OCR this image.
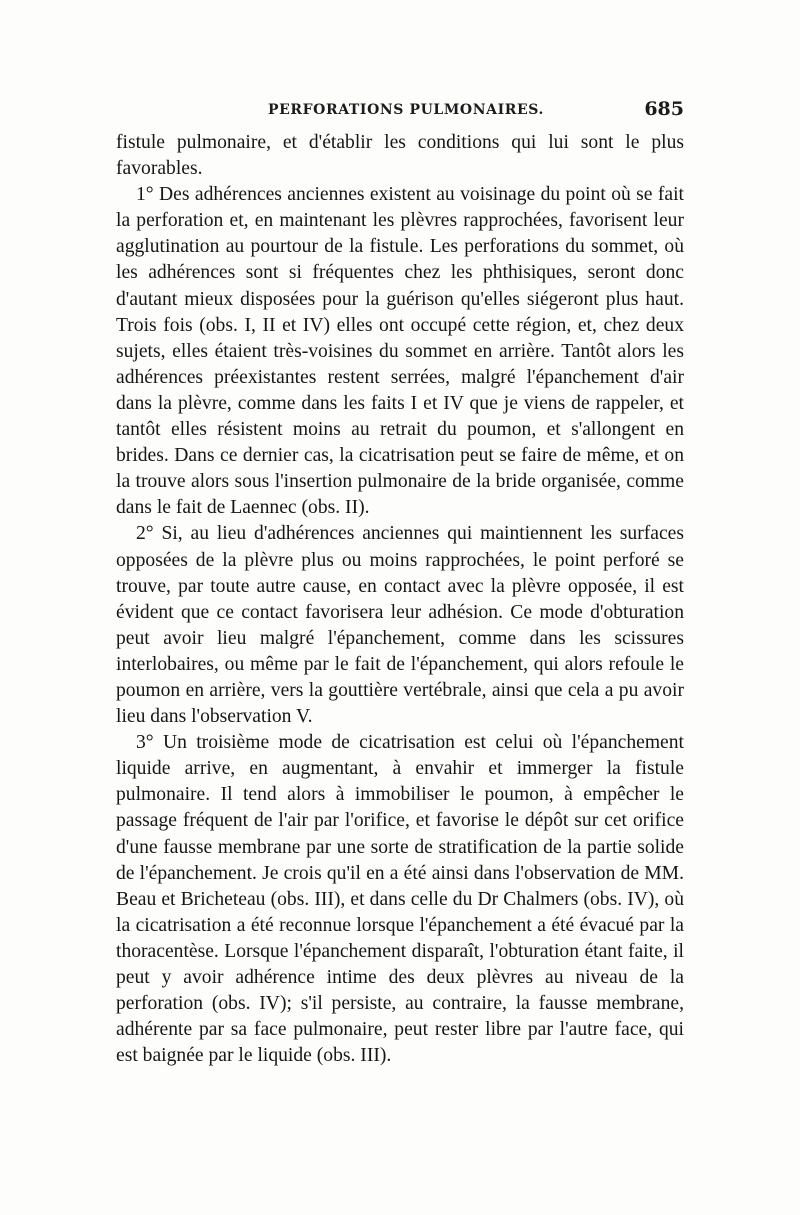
PERFORATIONS PULMONAIRES.	685

fistule pulmonaire, et d'établir les conditions qui lui sont le plus favorables.

1° Des adhérences anciennes existent au voisinage du point où se fait la perforation et, en maintenant les plèvres rapprochées, favorisent leur agglutination au pourtour de la fistule. Les perforations du sommet, où les adhérences sont si fréquentes chez les phthisiques, seront donc d'autant mieux disposées pour la guérison qu'elles siégeront plus haut. Trois fois (obs. I, II et IV) elles ont occupé cette région, et, chez deux sujets, elles étaient très-voisines du sommet en arrière. Tantôt alors les adhérences préexistantes restent serrées, malgré l'épanchement d'air dans la plèvre, comme dans les faits I et IV que je viens de rappeler, et tantôt elles résistent moins au retrait du poumon, et s'allongent en brides. Dans ce dernier cas, la cicatrisation peut se faire de même, et on la trouve alors sous l'insertion pulmonaire de la bride organisée, comme dans le fait de Laennec (obs. II).

2° Si, au lieu d'adhérences anciennes qui maintiennent les surfaces opposées de la plèvre plus ou moins rapprochées, le point perforé se trouve, par toute autre cause, en contact avec la plèvre opposée, il est évident que ce contact favorisera leur adhésion. Ce mode d'obturation peut avoir lieu malgré l'épanchement, comme dans les scissures interlobaires, ou même par le fait de l'épanchement, qui alors refoule le poumon en arrière, vers la gouttière vertébrale, ainsi que cela a pu avoir lieu dans l'observation V.

3° Un troisième mode de cicatrisation est celui où l'épanchement liquide arrive, en augmentant, à envahir et immerger la fistule pulmonaire. Il tend alors à immobiliser le poumon, à empêcher le passage fréquent de l'air par l'orifice, et favorise le dépôt sur cet orifice d'une fausse membrane par une sorte de stratification de la partie solide de l'épanchement. Je crois qu'il en a été ainsi dans l'observation de MM. Beau et Bricheteau (obs. III), et dans celle du Dr Chalmers (obs. IV), où la cicatrisation a été reconnue lorsque l'épanchement a été évacué par la thoracentèse. Lorsque l'épanchement disparaît, l'obturation étant faite, il peut y avoir adhérence intime des deux plèvres au niveau de la perforation (obs. IV); s'il persiste, au contraire, la fausse membrane, adhérente par sa face pulmonaire, peut rester libre par l'autre face, qui est baignée par le liquide (obs. III).
